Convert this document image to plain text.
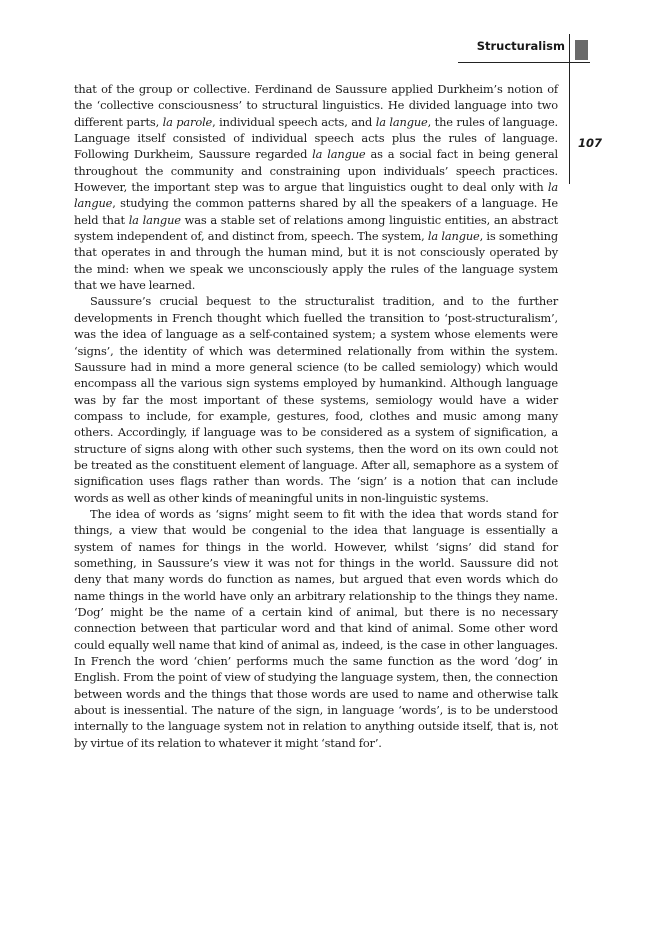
Structuralism
107

that of the group or collective. Ferdinand de Saussure applied Durkheim’s notion of the ‘collective consciousness’ to structural linguistics. He divided language into two different parts, la parole, individual speech acts, and la langue, the rules of language. Language itself consisted of individual speech acts plus the rules of language. Following Durkheim, Saussure regarded la langue as a social fact in being general throughout the community and constraining upon individuals’ speech practices. However, the important step was to argue that linguistics ought to deal only with la langue, studying the common patterns shared by all the speakers of a language. He held that la langue was a stable set of relations among linguistic entities, an abstract system independent of, and distinct from, speech. The system, la langue, is something that operates in and through the human mind, but it is not consciously operated by the mind: when we speak we unconsciously apply the rules of the language system that we have learned.

Saussure’s crucial bequest to the structuralist tradition, and to the further developments in French thought which fuelled the transition to ‘post-structuralism’, was the idea of language as a self-contained system; a system whose elements were ‘signs’, the identity of which was determined relationally from within the system. Saussure had in mind a more general science (to be called semiology) which would encompass all the various sign systems employed by humankind. Although language was by far the most important of these systems, semiology would have a wider compass to include, for example, gestures, food, clothes and music among many others. Accordingly, if language was to be considered as a system of signification, a structure of signs along with other such systems, then the word on its own could not be treated as the constituent element of language. After all, semaphore as a system of signification uses flags rather than words. The ‘sign’ is a notion that can include words as well as other kinds of meaningful units in non-linguistic systems.

The idea of words as ‘signs’ might seem to fit with the idea that words stand for things, a view that would be congenial to the idea that language is essentially a system of names for things in the world. However, whilst ‘signs’ did stand for something, in Saussure’s view it was not for things in the world. Saussure did not deny that many words do function as names, but argued that even words which do name things in the world have only an arbitrary relationship to the things they name. ‘Dog’ might be the name of a certain kind of animal, but there is no necessary connection between that particular word and that kind of animal. Some other word could equally well name that kind of animal as, indeed, is the case in other languages. In French the word ‘chien’ performs much the same function as the word ‘dog’ in English. From the point of view of studying the language system, then, the connection between words and the things that those words are used to name and otherwise talk about is inessential. The nature of the sign, in language ‘words’, is to be understood internally to the language system not in relation to anything outside itself, that is, not by virtue of its relation to whatever it might ‘stand for’.
